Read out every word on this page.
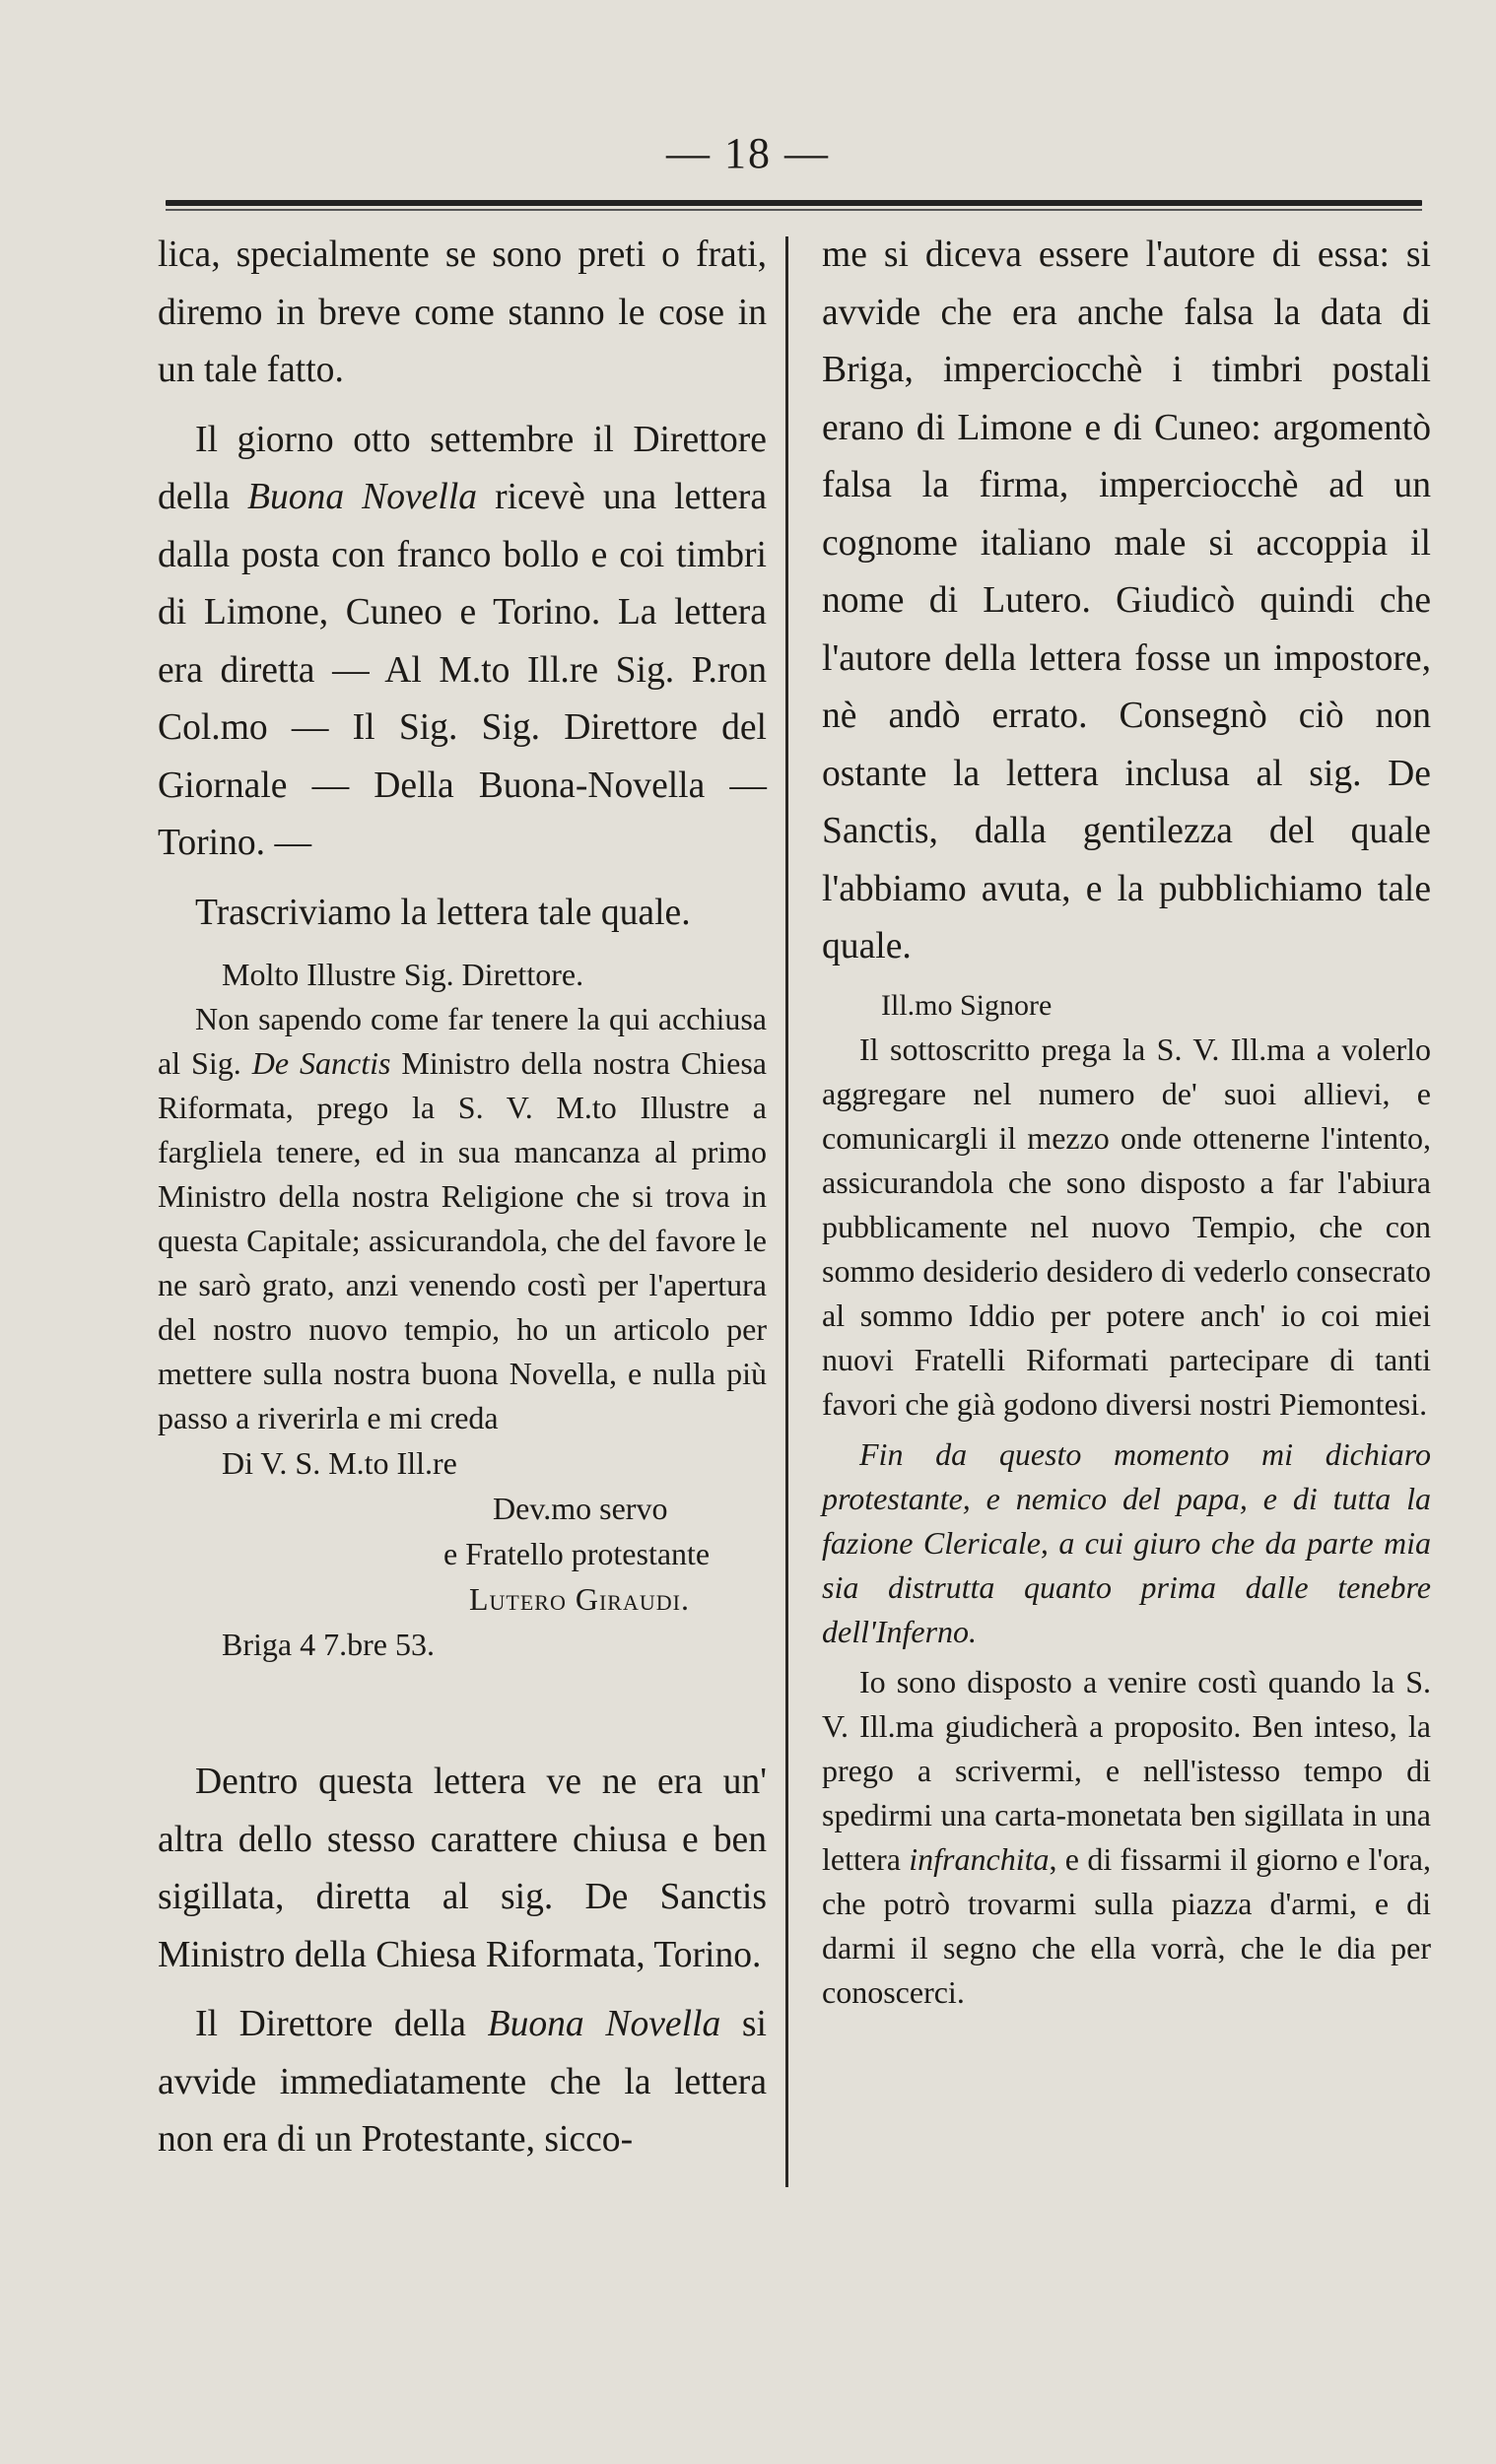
— 18 —

lica, specialmente se sono preti o frati, diremo in breve come stanno le cose in un tale fatto.

Il giorno otto settembre il Direttore della Buona Novella ricevè una lettera dalla posta con franco bollo e coi timbri di Limone, Cuneo e Torino. La lettera era diretta — Al M.to Ill.re Sig. P.ron Col.mo — Il Sig. Sig. Direttore del Giornale — Della Buona-Novella — Torino. —

Trascriviamo la lettera tale quale.

Molto Illustre Sig. Direttore.

Non sapendo come far tenere la qui acchiusa al Sig. De Sanctis Ministro della nostra Chiesa Riformata, prego la S. V. M.to Illustre a fargliela tenere, ed in sua mancanza al primo Ministro della nostra Religione che si trova in questa Capitale; assicurandola, che del favore le ne sarò grato, anzi venendo costì per l'apertura del nostro nuovo tempio, ho un articolo per mettere sulla nostra buona Novella, e nulla più passo a riverirla e mi creda

Di V. S. M.to Ill.re

Dev.mo servo

e Fratello protestante

Lutero Giraudi.

Briga 4 7.bre 53.

Dentro questa lettera ve ne era un' altra dello stesso carattere chiusa e ben sigillata, diretta al sig. De Sanctis Ministro della Chiesa Riformata, Torino.

Il Direttore della Buona Novella si avvide immediatamente che la lettera non era di un Protestante, sicco-

me si diceva essere l'autore di essa: si avvide che era anche falsa la data di Briga, imperciocchè i timbri postali erano di Limone e di Cuneo: argomentò falsa la firma, imperciocchè ad un cognome italiano male si accoppia il nome di Lutero. Giudicò quindi che l'autore della lettera fosse un impostore, nè andò errato. Consegnò ciò non ostante la lettera inclusa al sig. De Sanctis, dalla gentilezza del quale l'abbiamo avuta, e la pubblichiamo tale quale.

Ill.mo Signore

Il sottoscritto prega la S. V. Ill.ma a volerlo aggregare nel numero de' suoi allievi, e comunicargli il mezzo onde ottenerne l'intento, assicurandola che sono disposto a far l'abiura pubblicamente nel nuovo Tempio, che con sommo desiderio desidero di vederlo consecrato al sommo Iddio per potere anch' io coi miei nuovi Fratelli Riformati partecipare di tanti favori che già godono diversi nostri Piemontesi.

Fin da questo momento mi dichiaro protestante, e nemico del papa, e di tutta la fazione Clericale, a cui giuro che da parte mia sia distrutta quanto prima dalle tenebre dell'Inferno.

Io sono disposto a venire costì quando la S. V. Ill.ma giudicherà a proposito. Ben inteso, la prego a scrivermi, e nell'istesso tempo di spedirmi una carta-monetata ben sigillata in una lettera infranchita, e di fissarmi il giorno e l'ora, che potrò trovarmi sulla piazza d'armi, e di darmi il segno che ella vorrà, che le dia per conoscerci.
